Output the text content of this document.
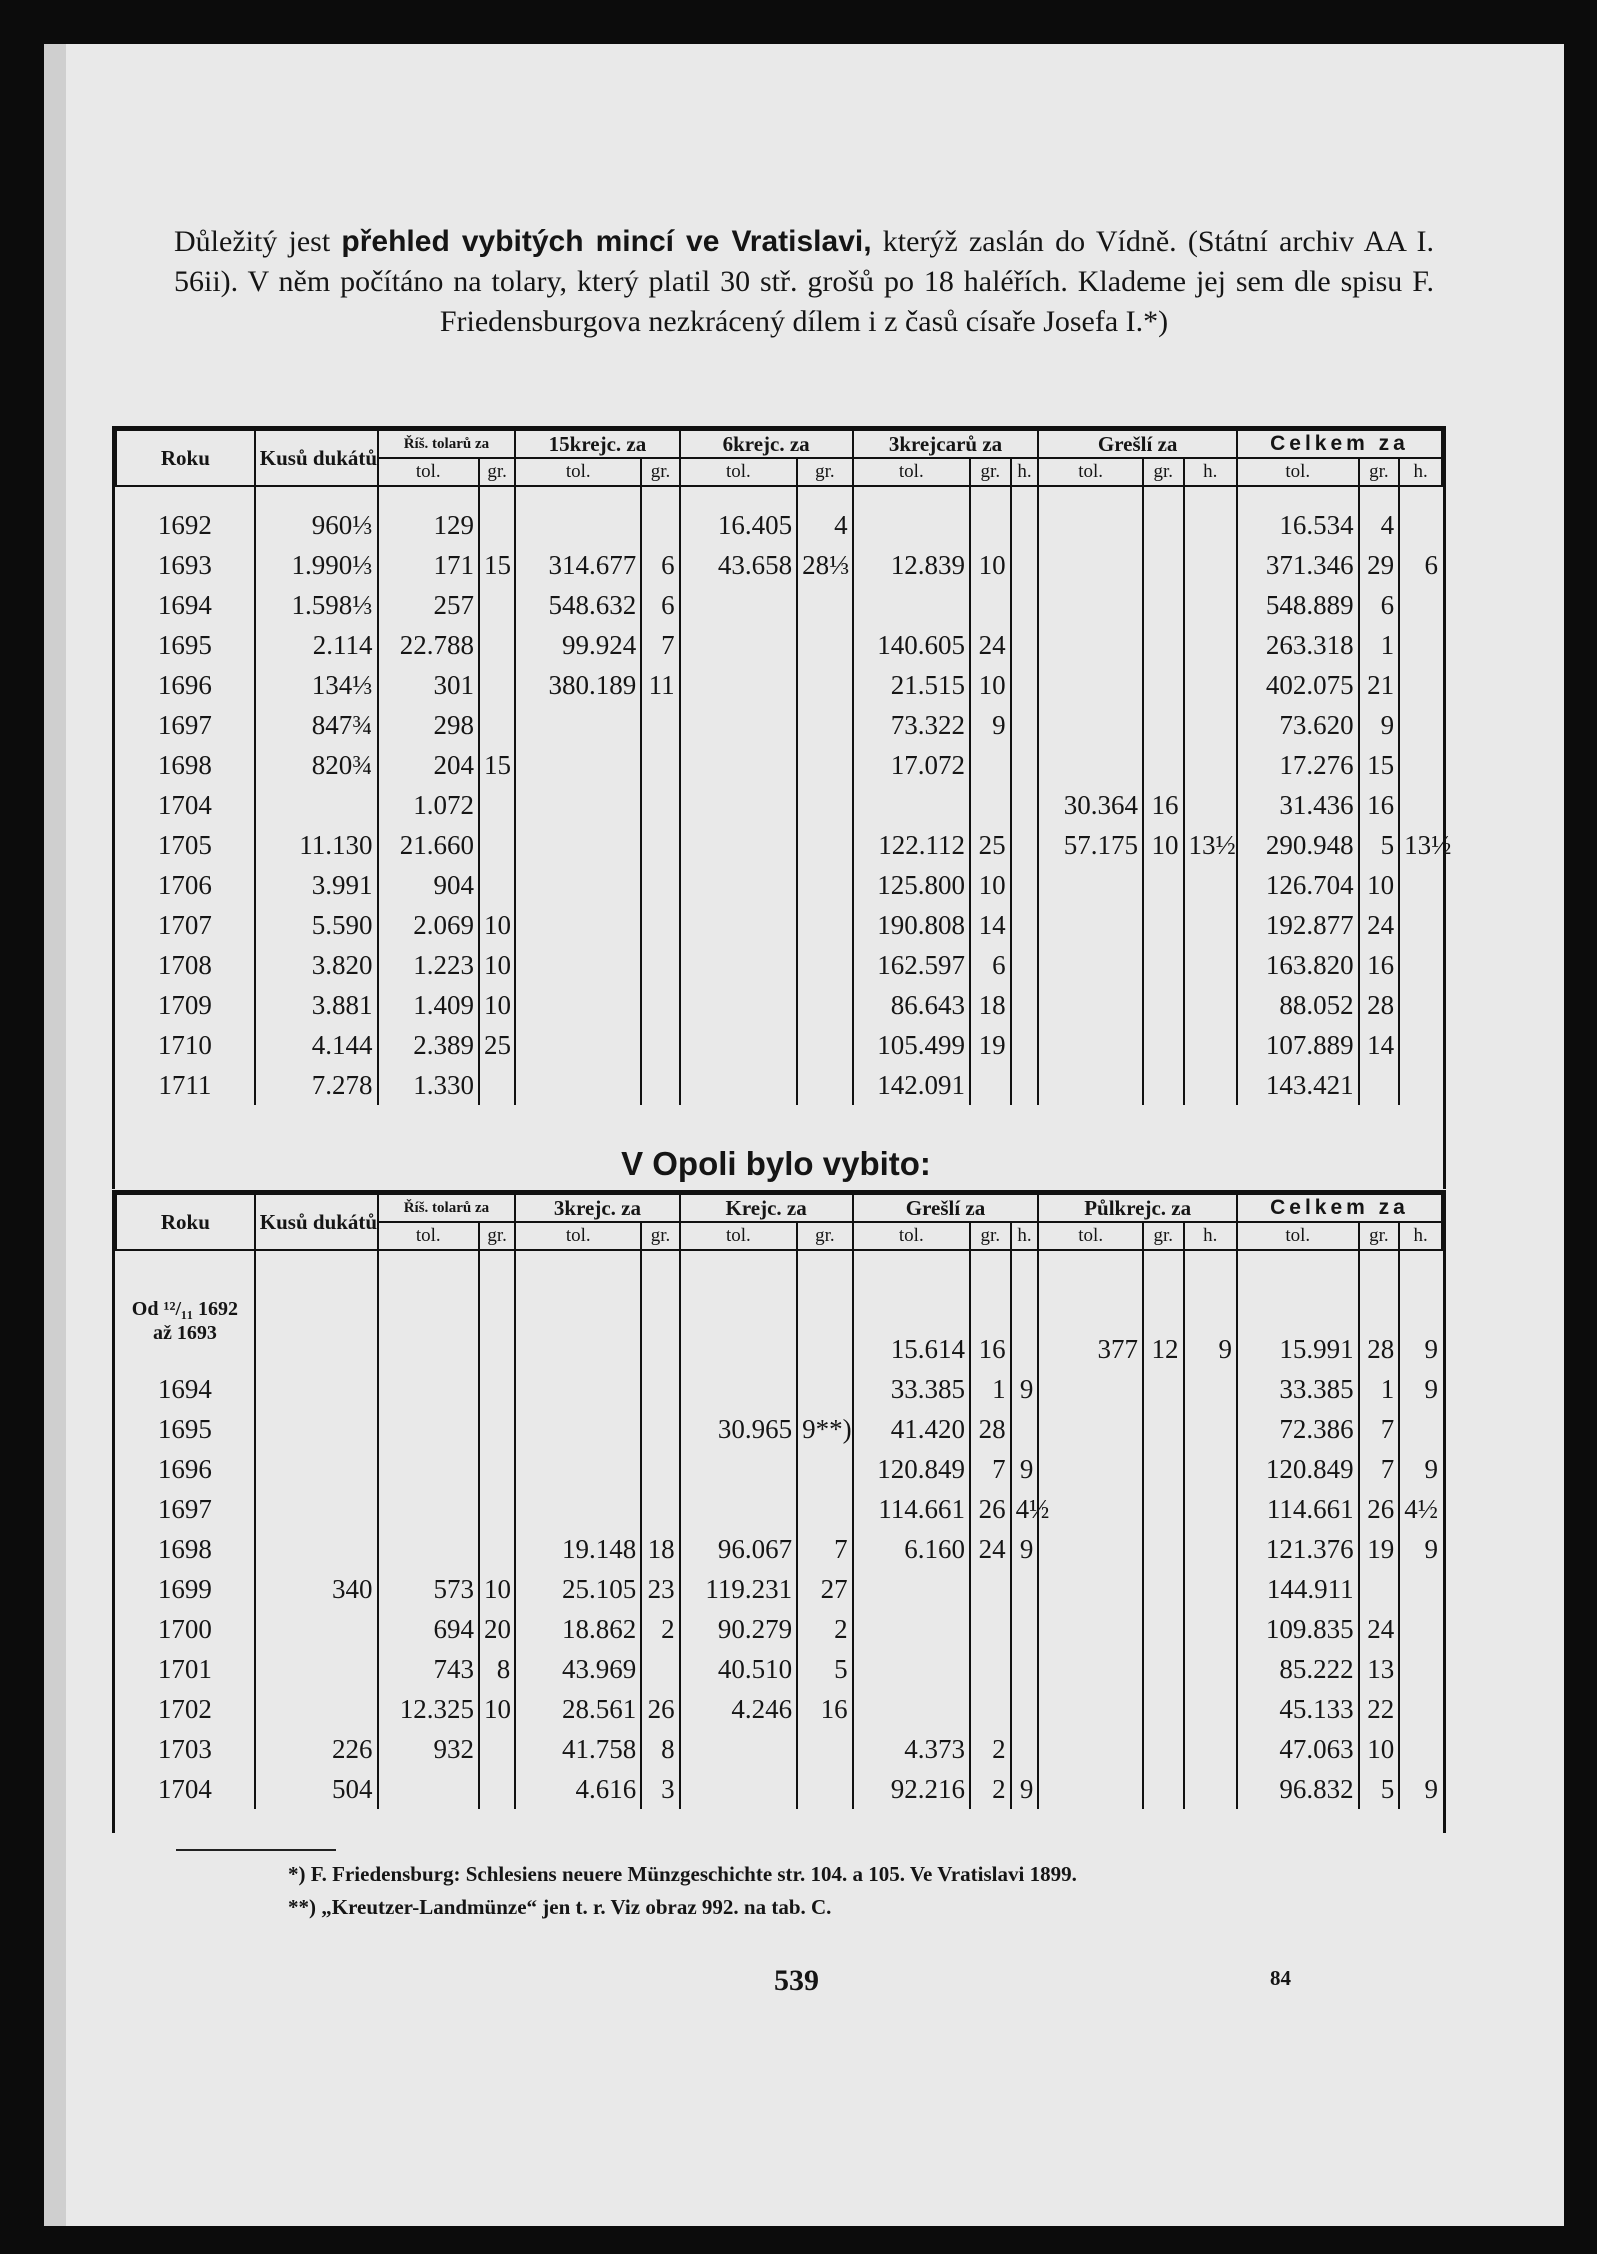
Důležitý jest přehled vybitých mincí ve Vratislavi, kterýž zaslán do Vídně. (Státní archiv AA I. 56ii). V něm počítáno na tolary, který platil 30 stř. grošů po 18 haléřích. Klademe jej sem dle spisu F. Friedensburgova nezkrácený dílem i z časů císaře Josefa I.*)

Roku	Kusů dukátů	Říš. tolarů za		15krejc. za		6krejc. za		3krejcarů za			Grešlí za			Celkem za		
		tol.	gr.	tol.	gr.	tol.	gr.	tol.	gr.	h.	tol.	gr.	h.	tol.	gr.	h.

1692	960⅓	129				16.405	4							16.534	4	
1693	1.990⅓	171	15	314.677	6	43.658	28⅓	12.839	10					371.346	29	6
1694	1.598⅓	257		548.632	6									548.889	6	
1695	2.114	22.788		99.924	7			140.605	24					263.318	1	
1696	134⅓	301		380.189	11			21.515	10					402.075	21	
1697	847¾	298						73.322	9					73.620	9	
1698	820¾	204	15					17.072						17.276	15	
1704		1.072									30.364	16		31.436	16	
1705	11.130	21.660						122.112	25		57.175	10	13½	290.948	5	13½
1706	3.991	904						125.800	10					126.704	10	
1707	5.590	2.069	10					190.808	14					192.877	24	
1708	3.820	1.223	10					162.597	6					163.820	16	
1709	3.881	1.409	10					86.643	18					88.052	28	
1710	4.144	2.389	25					105.499	19					107.889	14	
1711	7.278	1.330						142.091						143.421		
V Opoli bylo vybito:
Roku	Kusů dukátů	Říš. tolarů za		3krejc. za		Krejc. za		Grešlí za			Půlkrejc. za			Celkem za		
		tol.	gr.	tol.	gr.	tol.	gr.	tol.	gr.	h.	tol.	gr.	h.	tol.	gr.	h.

Od ¹²/₁₁ 1692 až 1693								15.614	16		377	12	9	15.991	28	9
1694								33.385	1	9				33.385	1	9
1695						30.965	9**)	41.420	28					72.386	7	
1696								120.849	7	9				120.849	7	9
1697								114.661	26	4½				114.661	26	4½
1698				19.148	18	96.067	7	6.160	24	9				121.376	19	9
1699	340	573	10	25.105	23	119.231	27							144.911		
1700		694	20	18.862	2	90.279	2							109.835	24	
1701		743	8	43.969		40.510	5							85.222	13	
1702		12.325	10	28.561	26	4.246	16							45.133	22	
1703	226	932		41.758	8			4.373	2					47.063	10	
1704	504			4.616	3			92.216	2	9				96.832	5	9
*) F. Friedensburg: Schlesiens neuere Münzgeschichte str. 104. a 105. Ve Vratislavi 1899.
**) „Kreutzer-Landmünze“ jen t. r. Viz obraz 992. na tab. C.
539	84
